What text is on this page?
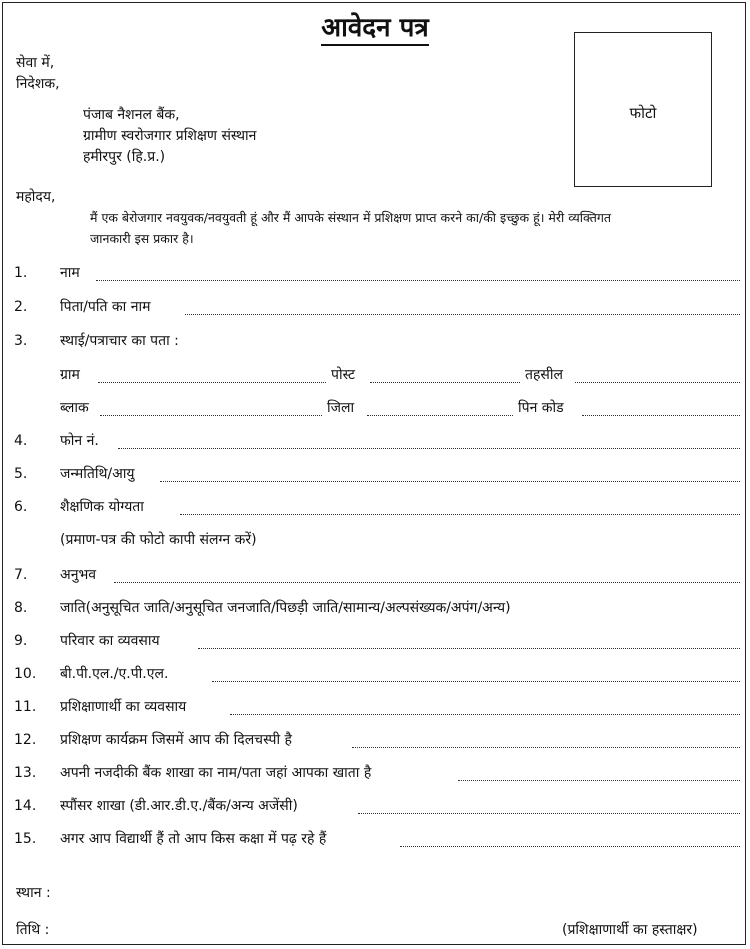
आवेदन पत्र
फोटो
सेवा में,
निदेशक,
पंजाब नैशनल बैंक,
ग्रामीण स्वरोजगार प्रशिक्षण संस्थान
हमीरपुर (हि.प्र.)
महोदय,
मैं एक बेरोजगार नवयुवक/नवयुवती हूं और मैं आपके संस्थान में प्रशिक्षण प्राप्त करने का/की इच्छुक हूं। मेरी व्यक्तिगत
जानकारी इस प्रकार है।
1. नाम
2. पिता/पति का नाम
3. स्थाई/पत्राचार का पता :
ग्राम	पोस्ट	तहसील
ब्लाक	जिला	पिन कोड
4. फोन नं.
5. जन्मतिथि/आयु
6. शैक्षणिक योग्यता
(प्रमाण-पत्र की फोटो कापी संलग्न करें)
7. अनुभव
8. जाति(अनुसूचित जाति/अनुसूचित जनजाति/पिछड़ी जाति/सामान्य/अल्पसंख्यक/अपंग/अन्य)
9. परिवार का व्यवसाय
10. बी.पी.एल./ए.पी.एल.
11. प्रशिक्षाणार्थी का व्यवसाय
12. प्रशिक्षण कार्यक्रम जिसमें आप की दिलचस्पी है
13. अपनी नजदीकी बैंक शाखा का नाम/पता जहां आपका खाता है
14. स्पौंसर शाखा (डी.आर.डी.ए./बैंक/अन्य अजेंसी)
15. अगर आप विद्यार्थी हैं तो आप किस कक्षा में पढ़ रहे हैं
स्थान :
तिथि :	(प्रशिक्षाणार्थी का हस्ताक्षर)
